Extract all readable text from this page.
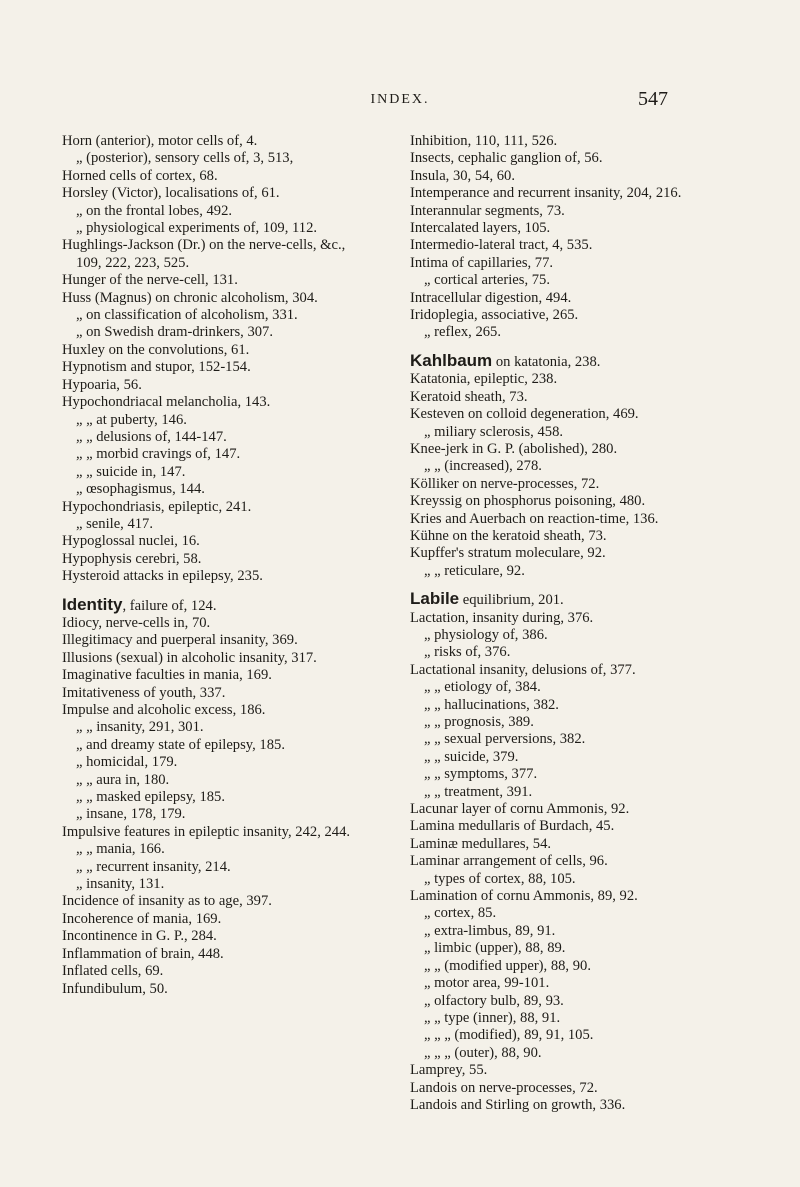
INDEX.	547
Horn (anterior), motor cells of, 4.
„ (posterior), sensory cells of, 3, 513,
Horned cells of cortex, 68.
Horsley (Victor), localisations of, 61.
„ on the frontal lobes, 492.
„ physiological experiments of, 109, 112.
Hughlings-Jackson (Dr.) on the nerve-cells, &c., 109, 222, 223, 525.
Hunger of the nerve-cell, 131.
Huss (Magnus) on chronic alcoholism, 304.
„ on classification of alcoholism, 331.
„ on Swedish dram-drinkers, 307.
Huxley on the convolutions, 61.
Hypnotism and stupor, 152-154.
Hypoaria, 56.
Hypochondriacal melancholia, 143.
„ „ at puberty, 146.
„ „ delusions of, 144-147.
„ „ morbid cravings of, 147.
„ „ suicide in, 147.
„ œsophagismus, 144.
Hypochondriasis, epileptic, 241.
„ senile, 417.
Hypoglossal nuclei, 16.
Hypophysis cerebri, 58.
Hysteroid attacks in epilepsy, 235.
Identity, failure of, 124.
Idiocy, nerve-cells in, 70.
Illegitimacy and puerperal insanity, 369.
Illusions (sexual) in alcoholic insanity, 317.
Imaginative faculties in mania, 169.
Imitativeness of youth, 337.
Impulse and alcoholic excess, 186.
„ „ insanity, 291, 301.
„ and dreamy state of epilepsy, 185.
„ homicidal, 179.
„ „ aura in, 180.
„ „ masked epilepsy, 185.
„ insane, 178, 179.
Impulsive features in epileptic insanity, 242, 244.
„ „ mania, 166.
„ „ recurrent insanity, 214.
„ insanity, 131.
Incidence of insanity as to age, 397.
Incoherence of mania, 169.
Incontinence in G. P., 284.
Inflammation of brain, 448.
Inflated cells, 69.
Infundibulum, 50.
Inhibition, 110, 111, 526.
Insects, cephalic ganglion of, 56.
Insula, 30, 54, 60.
Intemperance and recurrent insanity, 204, 216.
Interannular segments, 73.
Intercalated layers, 105.
Intermedio-lateral tract, 4, 535.
Intima of capillaries, 77.
„ cortical arteries, 75.
Intracellular digestion, 494.
Iridoplegia, associative, 265.
„ reflex, 265.
Kahlbaum on katatonia, 238.
Katatonia, epileptic, 238.
Keratoid sheath, 73.
Kesteven on colloid degeneration, 469.
„ miliary sclerosis, 458.
Knee-jerk in G. P. (abolished), 280.
„ „ (increased), 278.
Kölliker on nerve-processes, 72.
Kreyssig on phosphorus poisoning, 480.
Kries and Auerbach on reaction-time, 136.
Kühne on the keratoid sheath, 73.
Kupffer's stratum moleculare, 92.
„ „ reticulare, 92.
Labile equilibrium, 201.
Lactation, insanity during, 376.
„ physiology of, 386.
„ risks of, 376.
Lactational insanity, delusions of, 377.
„ „ etiology of, 384.
„ „ hallucinations, 382.
„ „ prognosis, 389.
„ „ sexual perversions, 382.
„ „ suicide, 379.
„ „ symptoms, 377.
„ „ treatment, 391.
Lacunar layer of cornu Ammonis, 92.
Lamina medullaris of Burdach, 45.
Laminæ medullares, 54.
Laminar arrangement of cells, 96.
„ types of cortex, 88, 105.
Lamination of cornu Ammonis, 89, 92.
„ cortex, 85.
„ extra-limbus, 89, 91.
„ limbic (upper), 88, 89.
„ „ (modified upper), 88, 90.
„ motor area, 99-101.
„ olfactory bulb, 89, 93.
„ „ type (inner), 88, 91.
„ „ „ (modified), 89, 91, 105.
„ „ „ (outer), 88, 90.
Lamprey, 55.
Landois on nerve-processes, 72.
Landois and Stirling on growth, 336.
